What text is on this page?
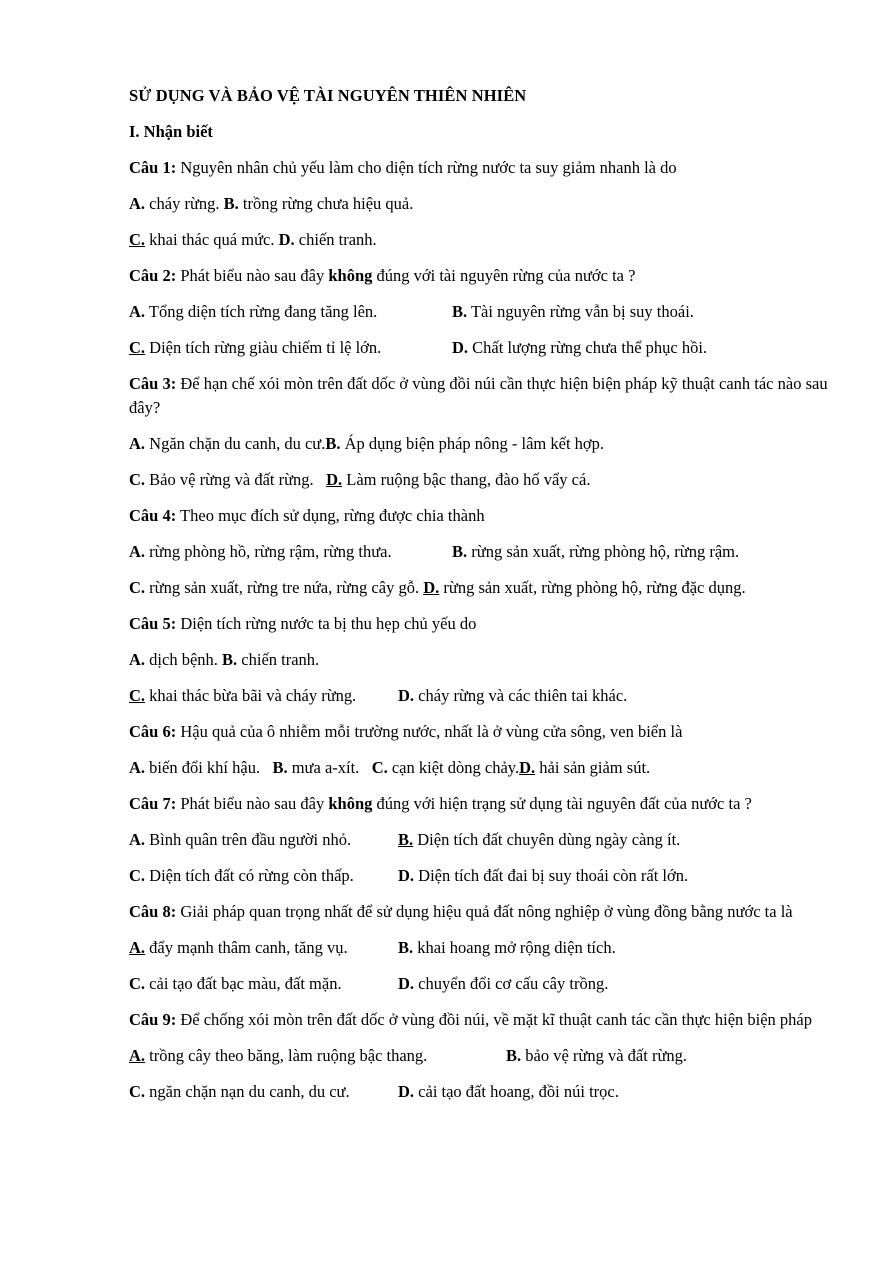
SỬ DỤNG VÀ BẢO VỆ TÀI NGUYÊN THIÊN NHIÊN
I. Nhận biết
Câu 1: Nguyên nhân chủ yếu làm cho diện tích rừng nước ta suy giảm nhanh là do
A. cháy rừng. B. trồng rừng chưa hiệu quả.
C. khai thác quá mức. D. chiến tranh.
Câu 2: Phát biểu nào sau đây không đúng với tài nguyên rừng của nước ta ?
A. Tổng diện tích rừng đang tăng lên.	B. Tài nguyên rừng vẫn bị suy thoái.
C. Diện tích rừng giàu chiếm tỉ lệ lớn.	D. Chất lượng rừng chưa thể phục hồi.
Câu 3: Để hạn chế xói mòn trên đất dốc ở vùng đồi núi cần thực hiện biện pháp kỹ thuật canh tác nào sau đây?
A. Ngăn chặn du canh, du cư.B. Áp dụng biện pháp nông - lâm kết hợp.
C. Bảo vệ rừng và đất rừng.   D. Làm ruộng bậc thang, đào hố vẩy cá.
Câu 4: Theo mục đích sử dụng, rừng được chia thành
A. rừng phòng hồ, rừng rậm, rừng thưa.	B. rừng sản xuất, rừng phòng hộ, rừng rậm.
C. rừng sản xuất, rừng tre nứa, rừng cây gỗ. D. rừng sản xuất, rừng phòng hộ, rừng đặc dụng.
Câu 5: Diện tích rừng nước ta bị thu hẹp chủ yếu do
A. dịch bệnh. B. chiến tranh.
C. khai thác bừa bãi và cháy rừng.	D. cháy rừng và các thiên tai khác.
Câu 6: Hậu quả của ô nhiễm mỗi trường nước, nhất là ở vùng cửa sông, ven biển là
A. biến đổi khí hậu.   B. mưa a-xít.   C. cạn kiệt dòng chảy.D. hải sản giảm sút.
Câu 7: Phát biểu nào sau đây không đúng với hiện trạng sử dụng tài nguyên đất của nước ta ?
A. Bình quân trên đầu người nhỏ.	B. Diện tích đất chuyên dùng ngày càng ít.
C. Diện tích đất có rừng còn thấp.	D. Diện tích đất đai bị suy thoái còn rất lớn.
Câu 8: Giải pháp quan trọng nhất để sử dụng hiệu quả đất nông nghiệp ở vùng đồng bằng nước ta là
A. đẩy mạnh thâm canh, tăng vụ.	B. khai hoang mở rộng diện tích.
C. cải tạo đất bạc màu, đất mặn.	D. chuyển đổi cơ cấu cây trồng.
Câu 9: Để chống xói mòn trên đất dốc ở vùng đồi núi, về mặt kĩ thuật canh tác cần thực hiện biện pháp
A. trồng cây theo băng, làm ruộng bậc thang.	B. bảo vệ rừng và đất rừng.
C. ngăn chặn nạn du canh, du cư.	D. cải tạo đất hoang, đồi núi trọc.
